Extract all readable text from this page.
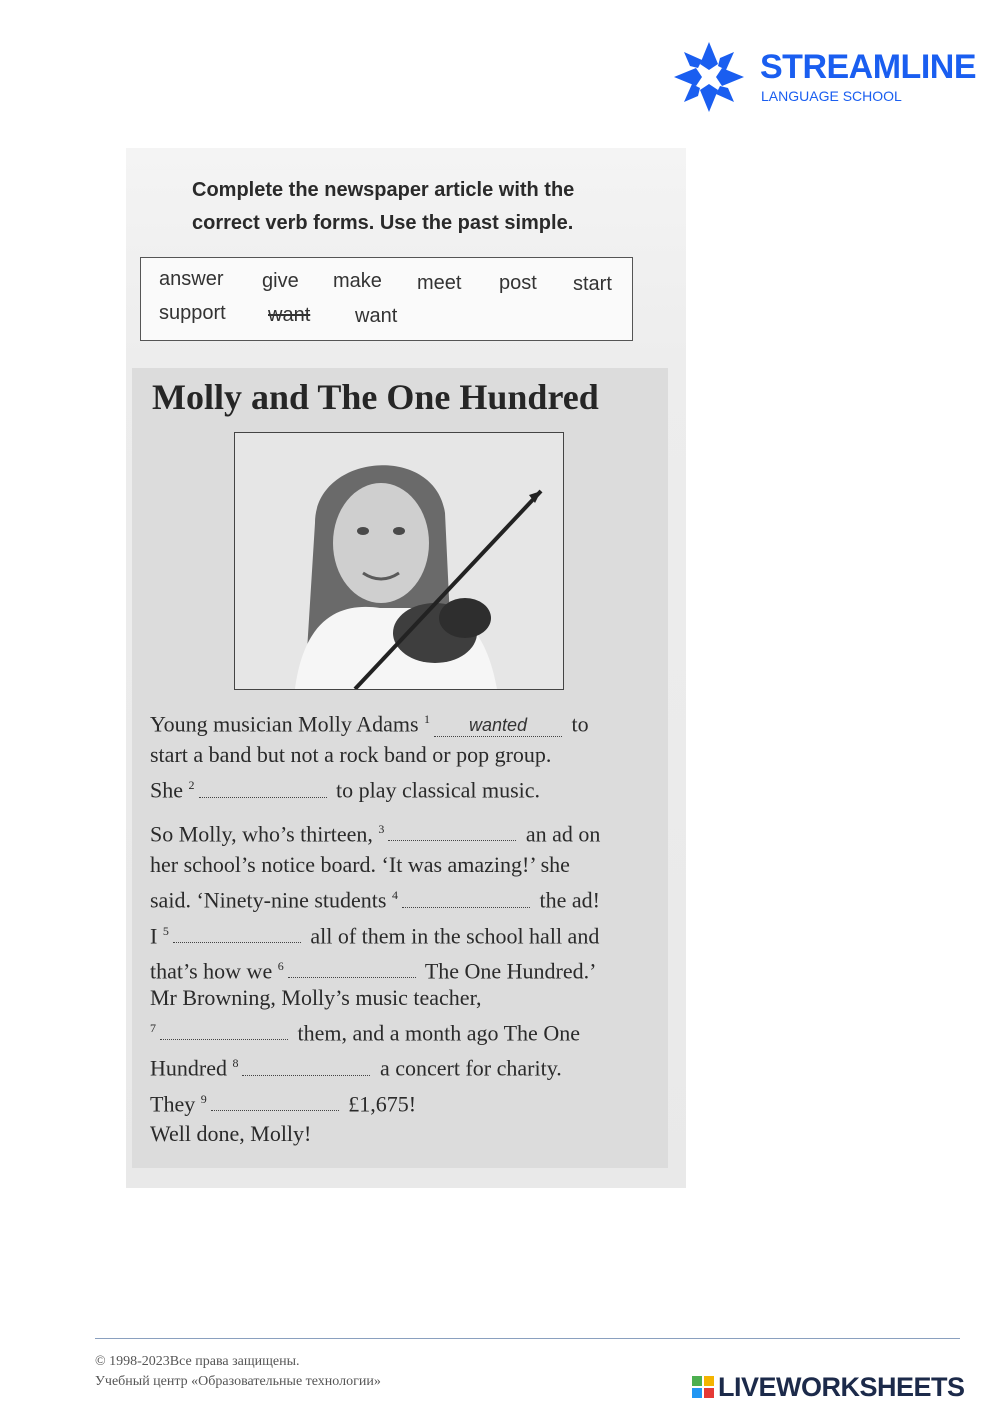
STREAMLINE
LANGUAGE SCHOOL
Complete the newspaper article with the
correct verb forms. Use the past simple.
answer give make meet post start
support want want
Molly and The One Hundred
Young musician Molly Adams $^1$ wanted to
start a band but not a rock band or pop group.
She $^2$	to play classical music.
So Molly, who’s thirteen, $^3$	an ad on
her school’s notice board. ‘It was amazing!’ she
said. ‘Ninety-nine students $^4$	the ad!
I $^5$	all of them in the school hall and
that’s how we $^6$	The One Hundred.’
Mr Browning, Molly’s music teacher,
$^7$	them, and a month ago The One
Hundred $^8$	a concert for charity.
They $^9$	£1,675!
Well done, Molly!
© 1998-2023Все права защищены.
Учебный центр «Образовательные технологии»	LIVEWORKSHEETS
